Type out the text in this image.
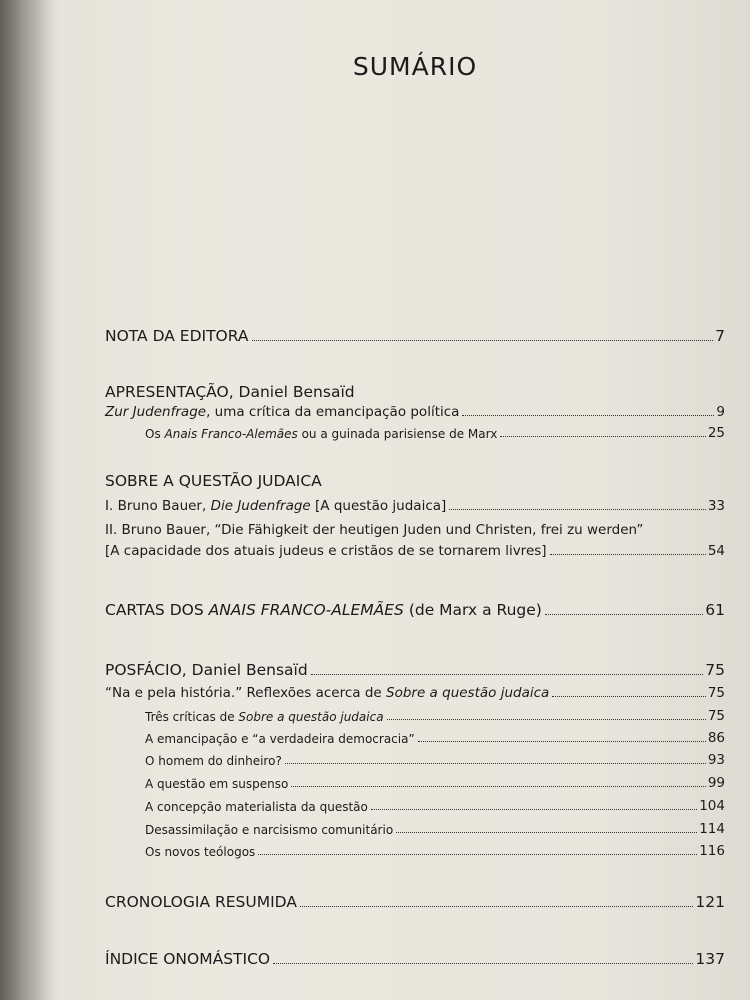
SUMÁRIO
NOTA DA EDITORA	7
APRESENTAÇÃO, Daniel Bensaïd
Zur Judenfrage, uma crítica da emancipação política	9
Os Anais Franco-Alemães ou a guinada parisiense de Marx	25
SOBRE A QUESTÃO JUDAICA
I. Bruno Bauer, Die Judenfrage [A questão judaica]	33
II. Bruno Bauer, “Die Fähigkeit der heutigen Juden und Christen, frei zu werden”
[A capacidade dos atuais judeus e cristãos de se tornarem livres]	54
CARTAS DOS ANAIS FRANCO-ALEMÃES (de Marx a Ruge)	61
POSFÁCIO, Daniel Bensaïd	75
“Na e pela história.” Reflexões acerca de Sobre a questão judaica	75
Três críticas de Sobre a questão judaica	75
A emancipação e “a verdadeira democracia”	86
O homem do dinheiro?	93
A questão em suspenso	99
A concepção materialista da questão	104
Desassimilação e narcisismo comunitário	114
Os novos teólogos	116
CRONOLOGIA RESUMIDA	121
ÍNDICE ONOMÁSTICO	137
